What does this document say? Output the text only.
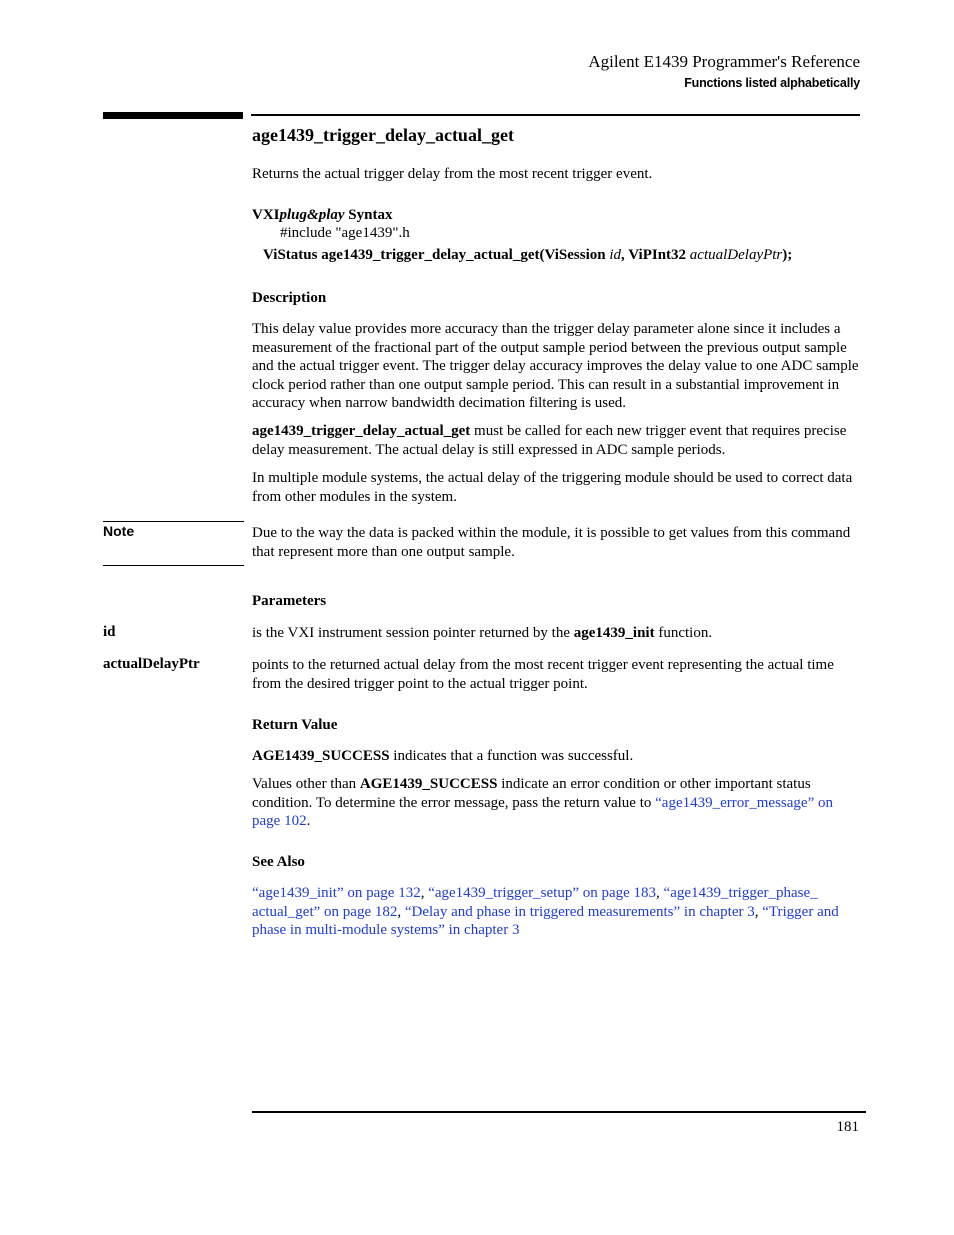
Agilent E1439 Programmer's Reference
Functions listed alphabetically
age1439_trigger_delay_actual_get
Returns the actual trigger delay from the most recent trigger event.
VXIplug&play Syntax
#include "age1439".h
ViStatus age1439_trigger_delay_actual_get(ViSession id, ViPInt32 actualDelayPtr);
Description
This delay value provides more accuracy than the trigger delay parameter alone since it includes a measurement of the fractional part of the output sample period between the previous output sample and the actual trigger event. The trigger delay accuracy improves the delay value to one ADC sample clock period rather than one output sample period. This can result in a substantial improvement in accuracy when narrow bandwidth decimation filtering is used.
age1439_trigger_delay_actual_get must be called for each new trigger event that requires precise delay measurement. The actual delay is still expressed in ADC sample periods.
In multiple module systems, the actual delay of the triggering module should be used to correct data from other modules in the system.
Note	Due to the way the data is packed within the module, it is possible to get values from this command that represent more than one output sample.
Parameters
id	is the VXI instrument session pointer returned by the age1439_init function.
actualDelayPtr	points to the returned actual delay from the most recent trigger event representing the actual time from the desired trigger point to the actual trigger point.
Return Value
AGE1439_SUCCESS indicates that a function was successful.
Values other than AGE1439_SUCCESS indicate an error condition or other important status condition. To determine the error message, pass the return value to “age1439_error_message” on page 102.
See Also
“age1439_init” on page 132, “age1439_trigger_setup” on page 183, “age1439_trigger_phase_ actual_get” on page 182, “Delay and phase in triggered measurements” in chapter 3, “Trigger and phase in multi-module systems” in chapter 3
181
